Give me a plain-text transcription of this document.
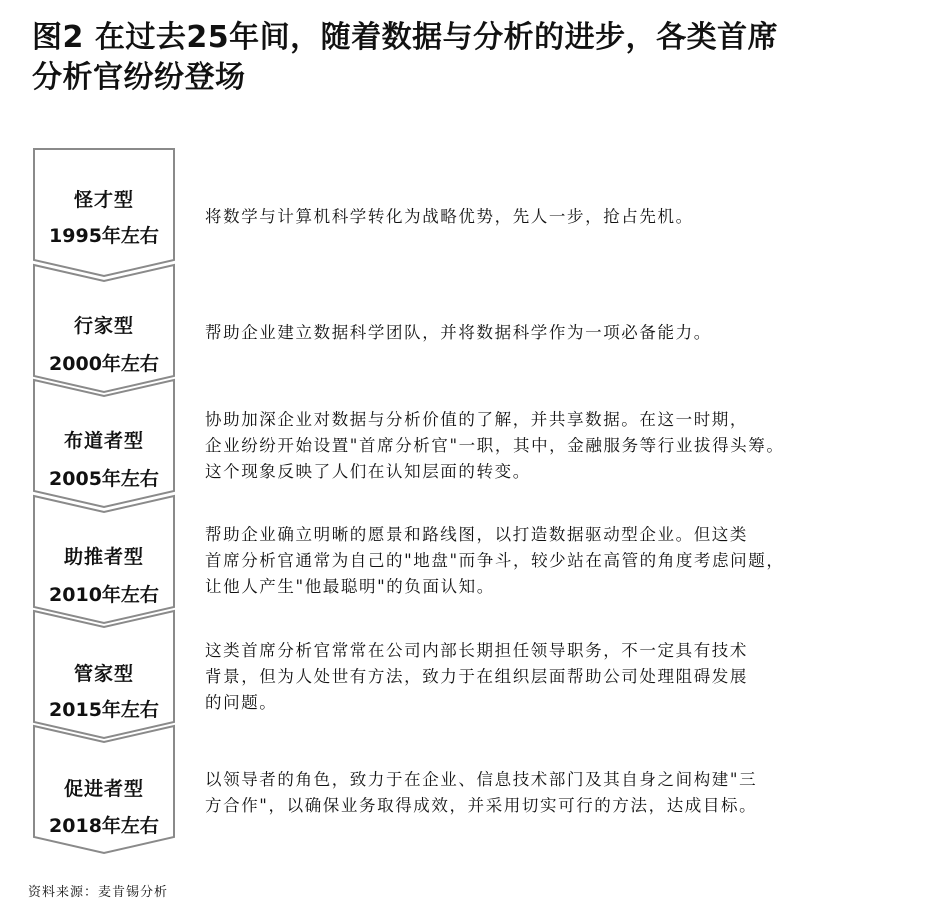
图2 在过去25年间，随着数据与分析的进步，各类首席
分析官纷纷登场
怪才型
1995年左右
将数学与计算机科学转化为战略优势，先人一步，抢占先机。
行家型
2000年左右
帮助企业建立数据科学团队，并将数据科学作为一项必备能力。
布道者型
2005年左右
协助加深企业对数据与分析价值的了解，并共享数据。在这一时期，
企业纷纷开始设置"首席分析官"一职，其中，金融服务等行业拔得头筹。
这个现象反映了人们在认知层面的转变。
助推者型
2010年左右
帮助企业确立明晰的愿景和路线图，以打造数据驱动型企业。但这类
首席分析官通常为自己的"地盘"而争斗，较少站在高管的角度考虑问题，
让他人产生"他最聪明"的负面认知。
管家型
2015年左右
这类首席分析官常常在公司内部长期担任领导职务，不一定具有技术
背景，但为人处世有方法，致力于在组织层面帮助公司处理阻碍发展
的问题。
促进者型
2018年左右
以领导者的角色，致力于在企业、信息技术部门及其自身之间构建"三
方合作"，以确保业务取得成效，并采用切实可行的方法，达成目标。
资料来源：麦肯锡分析
